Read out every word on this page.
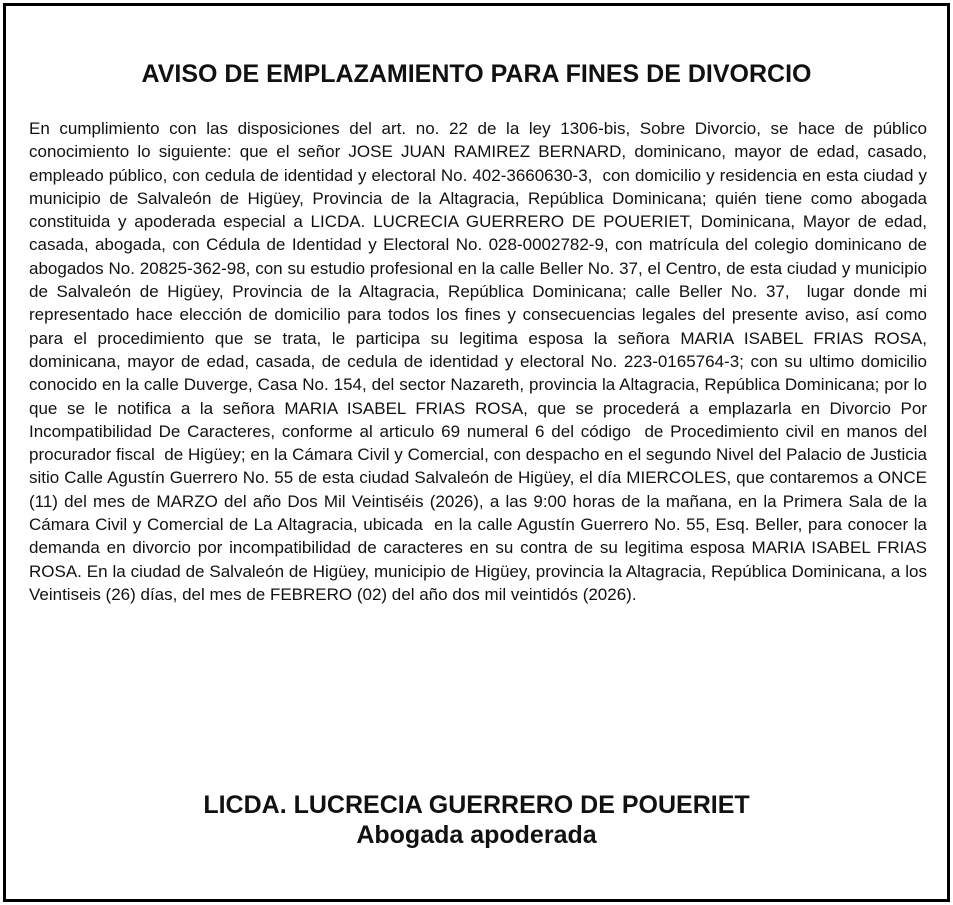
AVISO DE EMPLAZAMIENTO PARA FINES DE DIVORCIO

En cumplimiento con las disposiciones del art. no. 22 de la ley 1306-bis, Sobre Divorcio, se hace de público conocimiento lo siguiente: que el señor JOSE JUAN RAMIREZ BERNARD, dominicano, mayor de edad, casado, empleado público, con cedula de identidad y electoral No. 402-3660630-3,  con domicilio y residencia en esta ciudad y municipio de Salvaleón de Higüey, Provincia de la Altagracia, República Dominicana; quién tiene como abogada constituida y apoderada especial a LICDA. LUCRECIA GUERRERO DE POUERIET, Dominicana, Mayor de edad, casada, abogada, con Cédula de Identidad y Electoral No. 028-0002782-9, con matrícula del colegio dominicano de abogados No. 20825-362-98, con su estudio profesional en la calle Beller No. 37, el Centro, de esta ciudad y municipio de Salvaleón de Higüey, Provincia de la Altagracia, República Dominicana; calle Beller No. 37,  lugar donde mi representado hace elección de domicilio para todos los fines y consecuencias legales del presente aviso, así como para el procedimiento que se trata, le participa su legitima esposa la señora MARIA ISABEL FRIAS ROSA, dominicana, mayor de edad, casada, de cedula de identidad y electoral No. 223-0165764-3; con su ultimo domicilio conocido en la calle Duverge, Casa No. 154, del sector Nazareth, provincia la Altagracia, República Dominicana; por lo que se le notifica a la señora MARIA ISABEL FRIAS ROSA, que se procederá a emplazarla en Divorcio Por Incompatibilidad De Caracteres, conforme al articulo 69 numeral 6 del código  de Procedimiento civil en manos del procurador fiscal  de Higüey; en la Cámara Civil y Comercial, con despacho en el segundo Nivel del Palacio de Justicia  sitio Calle Agustín Guerrero No. 55 de esta ciudad Salvaleón de Higüey, el día MIERCOLES, que contaremos a ONCE (11) del mes de MARZO del año Dos Mil Veintiséis (2026), a las 9:00 horas de la mañana, en la Primera Sala de la Cámara Civil y Comercial de La Altagracia, ubicada  en la calle Agustín Guerrero No. 55, Esq. Beller, para conocer la demanda en divorcio por incompatibilidad de caracteres en su contra de su legitima esposa MARIA ISABEL FRIAS ROSA. En la ciudad de Salvaleón de Higüey, municipio de Higüey, provincia la Altagracia, República Dominicana, a los Veintiseis (26) días, del mes de FEBRERO (02) del año dos mil veintidós (2026).

LICDA. LUCRECIA GUERRERO DE POUERIET
Abogada apoderada
